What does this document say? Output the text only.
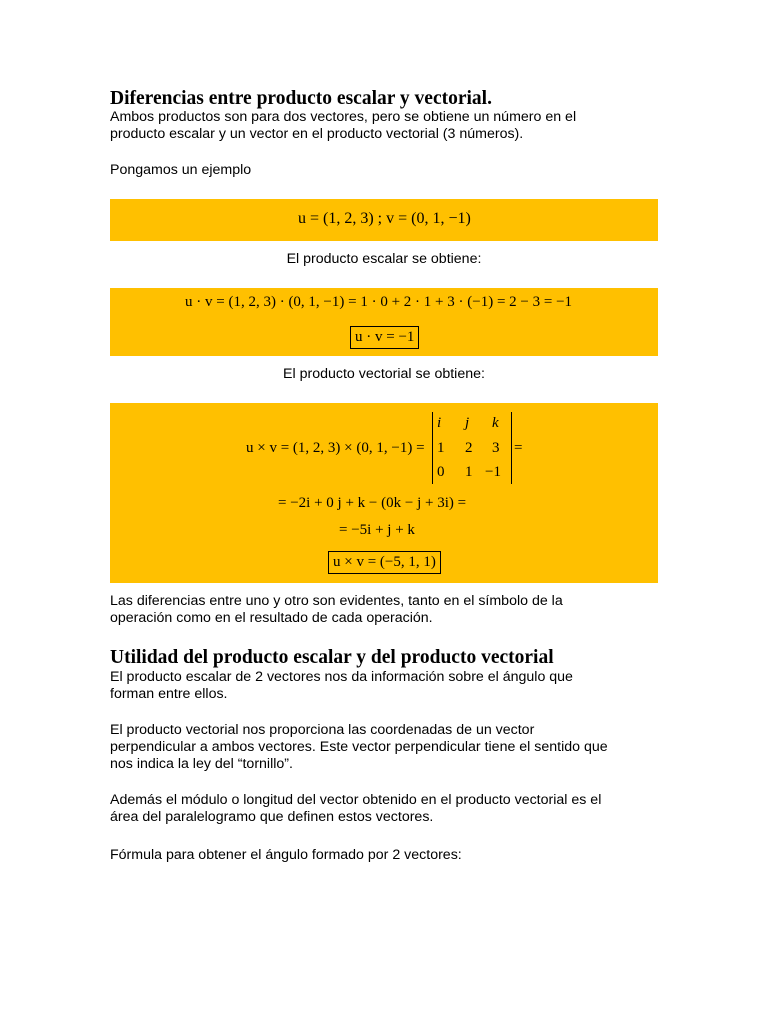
Diferencias entre producto escalar y vectorial.
Ambos productos son para dos vectores, pero se obtiene un número en el
producto escalar y un vector en el producto vectorial (3 números).
Pongamos un ejemplo
u = (1, 2, 3) ; v = (0, 1, −1)
El producto escalar se obtiene:
u · v = (1, 2, 3) · (0, 1, −1) = 1 · 0 + 2 · 1 + 3 · (−1) = 2 − 3 = −1
u · v = −1
El producto vectorial se obtiene:
u × v = (1, 2, 3) × (0, 1, −1) =
i j k
1 2 3
0 1 −1
=
= −2i + 0 j + k − (0k − j + 3i) =
= −5i + j + k
u × v = (−5, 1, 1)
Las diferencias entre uno y otro son evidentes, tanto en el símbolo de la
operación como en el resultado de cada operación.
Utilidad del producto escalar y del producto vectorial
El producto escalar de 2 vectores nos da información sobre el ángulo que
forman entre ellos.
El producto vectorial nos proporciona las coordenadas de un vector
perpendicular a ambos vectores. Este vector perpendicular tiene el sentido que
nos indica la ley del “tornillo”.
Además el módulo o longitud del vector obtenido en el producto vectorial es el
área del paralelogramo que definen estos vectores.
Fórmula para obtener el ángulo formado por 2 vectores:
